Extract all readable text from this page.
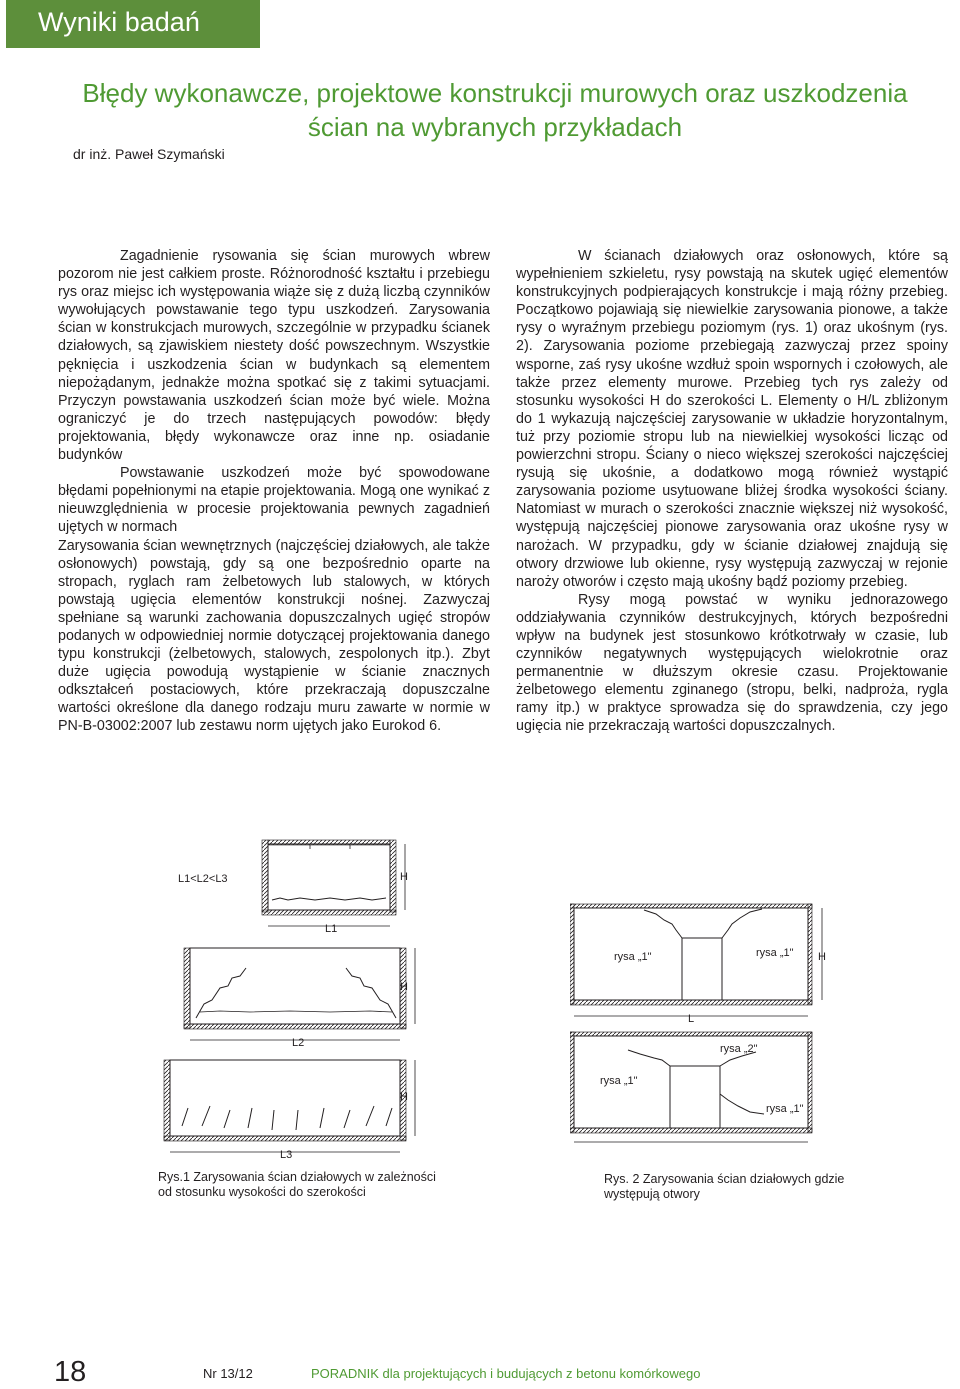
Wyniki badań
Błędy wykonawcze, projektowe konstrukcji murowych oraz uszkodzenia
ścian na wybranych przykładach
dr inż. Paweł Szymański

Zagadnienie rysowania się ścian murowych wbrew pozorom nie jest całkiem proste. Różnorodność kształtu i przebiegu rys oraz miejsc ich występowania wiąże się z dużą liczbą czynników wywołujących powstawanie tego typu uszkodzeń. Zarysowania ścian w konstrukcjach murowych, szczególnie w przypadku ścianek działowych, są zjawiskiem niestety dość powszechnym. Wszystkie pęknięcia i uszkodzenia ścian w budynkach są elementem niepożądanym, jednakże można spotkać się z takimi sytuacjami. Przyczyn powstawania uszkodzeń ścian może być wiele. Można ograniczyć je do trzech następujących powodów: błędy projektowania, błędy wykonawcze oraz inne np. osiadanie budynków

Powstawanie uszkodzeń może być spowodowane błędami popełnionymi na etapie projektowania. Mogą one wynikać z nieuwzględnienia w procesie projektowania pewnych zagadnień ujętych w normach

Zarysowania ścian wewnętrznych (najczęściej działowych, ale także osłonowych) powstają, gdy są one bezpośrednio oparte na stropach, ryglach ram żelbetowych lub stalowych, w których powstają ugięcia elementów konstrukcji nośnej. Zazwyczaj spełniane są warunki zachowania dopuszczalnych ugięć stropów podanych w odpowiedniej normie dotyczącej projektowania danego typu konstrukcji (żelbetowych, stalowych, zespolonych itp.). Zbyt duże ugięcia powodują wystąpienie w ścianie znacznych odkształceń postaciowych, które przekraczają dopuszczalne wartości określone dla danego rodzaju muru zawarte w normie w PN-B-03002:2007 lub zestawu norm ujętych jako Eurokod 6.

W ścianach działowych oraz osłonowych, które są wypełnieniem szkieletu, rysy powstają na skutek ugięć elementów konstrukcyjnych podpierających konstrukcje i mają różny przebieg. Początkowo pojawiają się niewielkie zarysowania pionowe, a także rysy o wyraźnym przebiegu poziomym (rys. 1) oraz ukośnym (rys. 2). Zarysowania poziome przebiegają zazwyczaj przez spoiny wsporne, zaś rysy ukośne wzdłuż spoin wspornych i czołowych, ale także przez elementy murowe. Przebieg tych rys zależy od stosunku wysokości H do szerokości L. Elementy o H/L zbliżonym do 1 wykazują najczęściej zarysowanie w układzie horyzontalnym, tuż przy poziomie stropu lub na niewielkiej wysokości licząc od powierzchni stropu. Ściany o nieco większej szerokości najczęściej rysują się ukośnie, a dodatkowo mogą również wystąpić zarysowania poziome usytuowane bliżej środka wysokości ściany. Natomiast w murach o szerokości znacznie większej niż wysokość, występują najczęściej pionowe zarysowania oraz ukośne rysy w narożach. W przypadku, gdy w ścianie działowej znajdują się otwory drzwiowe lub okienne, rysy występują zazwyczaj w rejonie naroży otworów i często mają ukośny bądź poziomy przebieg.

Rysy mogą powstać w wyniku jednorazowego oddziaływania czynników destrukcyjnych, których bezpośredni wpływ na budynek jest stosunkowo krótkotrwały w czasie, lub czynników negatywnych występujących wielokrotnie oraz permanentnie w dłuższym okresie czasu. Projektowanie żelbetowego elementu zginanego (stropu, belki, nadproża, rygla ramy itp.) w praktyce sprowadza się do sprawdzenia, czy jego ugięcia nie przekraczają wartości dopuszczalnych.

L1<L2<L3
L1
H
L2
H
L3
H
Rys.1 Zarysowania ścian działowych w zależności od stosunku wysokości do szerokości
rysa „1"	rysa „1"
L
H
rysa „2"
rysa „1"
rysa „1"
Rys. 2 Zarysowania ścian działowych gdzie występują otwory
18	Nr 13/12	PORADNIK dla projektujących i budujących z betonu komórkowego
